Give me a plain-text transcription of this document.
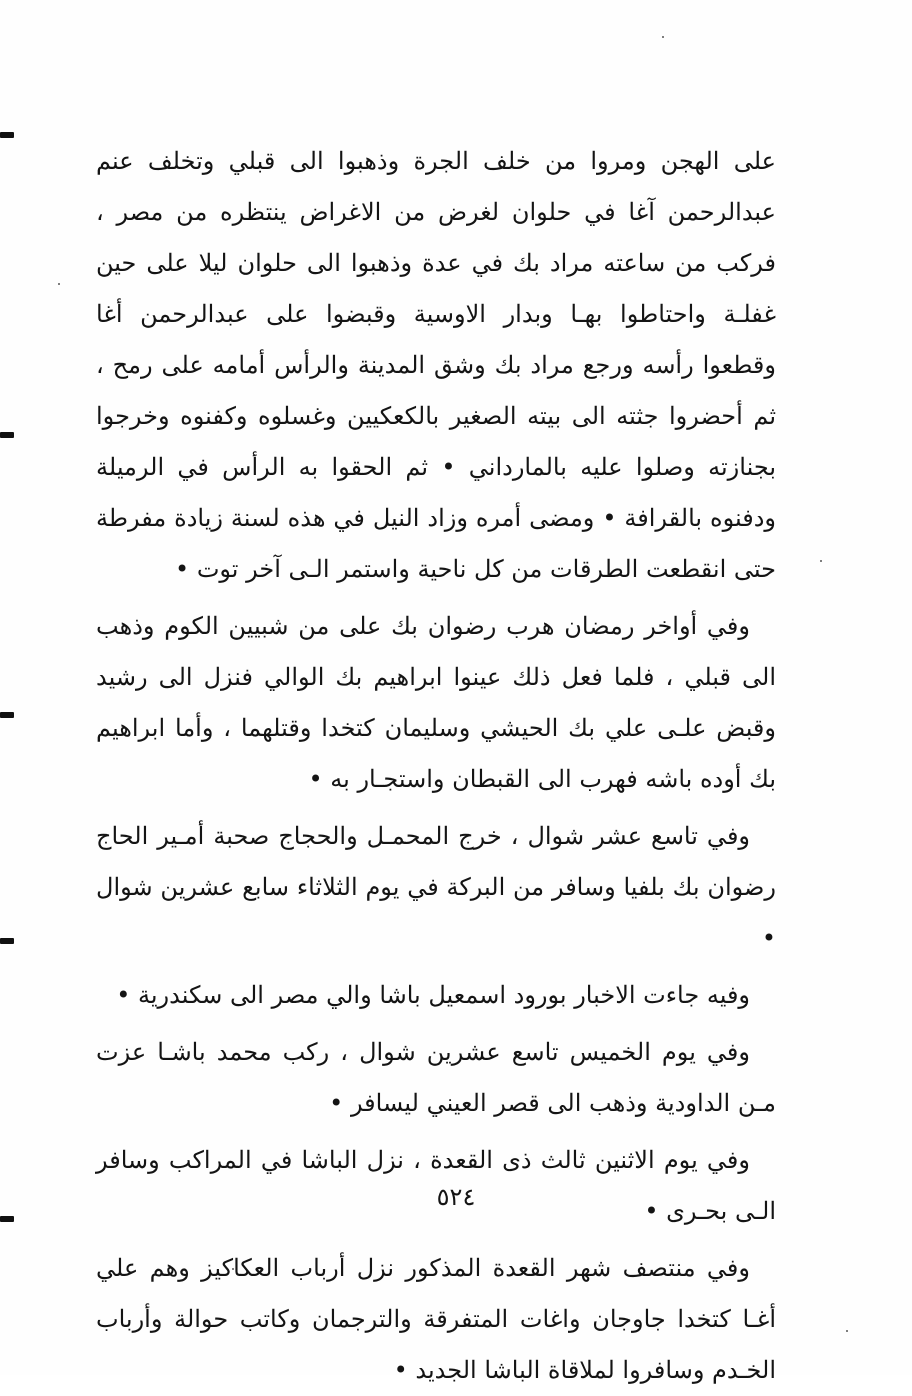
على الهجن ومروا من خلف الجرة وذهبوا الى قبلي وتخلف عنم عبدالرحمن آغا في حلوان لغرض من الاغراض ينتظره من مصر ، فركب من ساعته مراد بك في عدة وذهبوا الى حلوان ليلا على حين غفلـة واحتاطوا بهـا وبدار الاوسية وقبضوا على عبدالرحمن أغا وقطعوا رأسه ورجع مراد بك وشق المدينة والرأس أمامه على رمح ، ثم أحضروا جثته الى بيته الصغير بالكعكيين وغسلوه وكفنوه وخرجوا بجنازته وصلوا عليه بالمارداني • ثم الحقوا به الرأس في الرميلة ودفنوه بالقرافة • ومضى أمره وزاد النيل في هذه لسنة زيادة مفرطة حتى انقطعت الطرقات من كل ناحية واستمر الـى آخر توت •

وفي أواخر رمضان هرب رضوان بك على من شبيين الكوم وذهب الى قبلي ، فلما فعل ذلك عينوا ابراهيم بك الوالي فنزل الى رشيد وقبض علـى علي بك الحيشي وسليمان كتخدا وقتلهما ، وأما ابراهيم بك أوده باشه فهرب الى القبطان واستجـار به •

وفي تاسع عشر شوال ، خرج المحمـل والحجاج صحبة أمـير الحاج رضوان بك بلفيا وسافر من البركة في يوم الثلاثاء سابع عشرين شوال •

وفيه جاءت الاخبار بورود اسمعيل باشا والي مصر الى سكندرية •

وفي يوم الخميس تاسع عشرين شوال ، ركب محمد باشـا عزت مـن الداودية وذهب الى قصر العيني ليسافر •

وفي يوم الاثنين ثالث ذى القعدة ، نزل الباشا في المراكب وسافر الـى بحـرى •

وفي منتصف شهر القعدة المذكور نزل أرباب العكاكيز وهم علي أغـا كتخدا جاوجان واغات المتفرقة والترجمان وكاتب حوالة وأرباب الخـدم وسافروا لملاقاة الباشا الجديد •

٥٢٤
